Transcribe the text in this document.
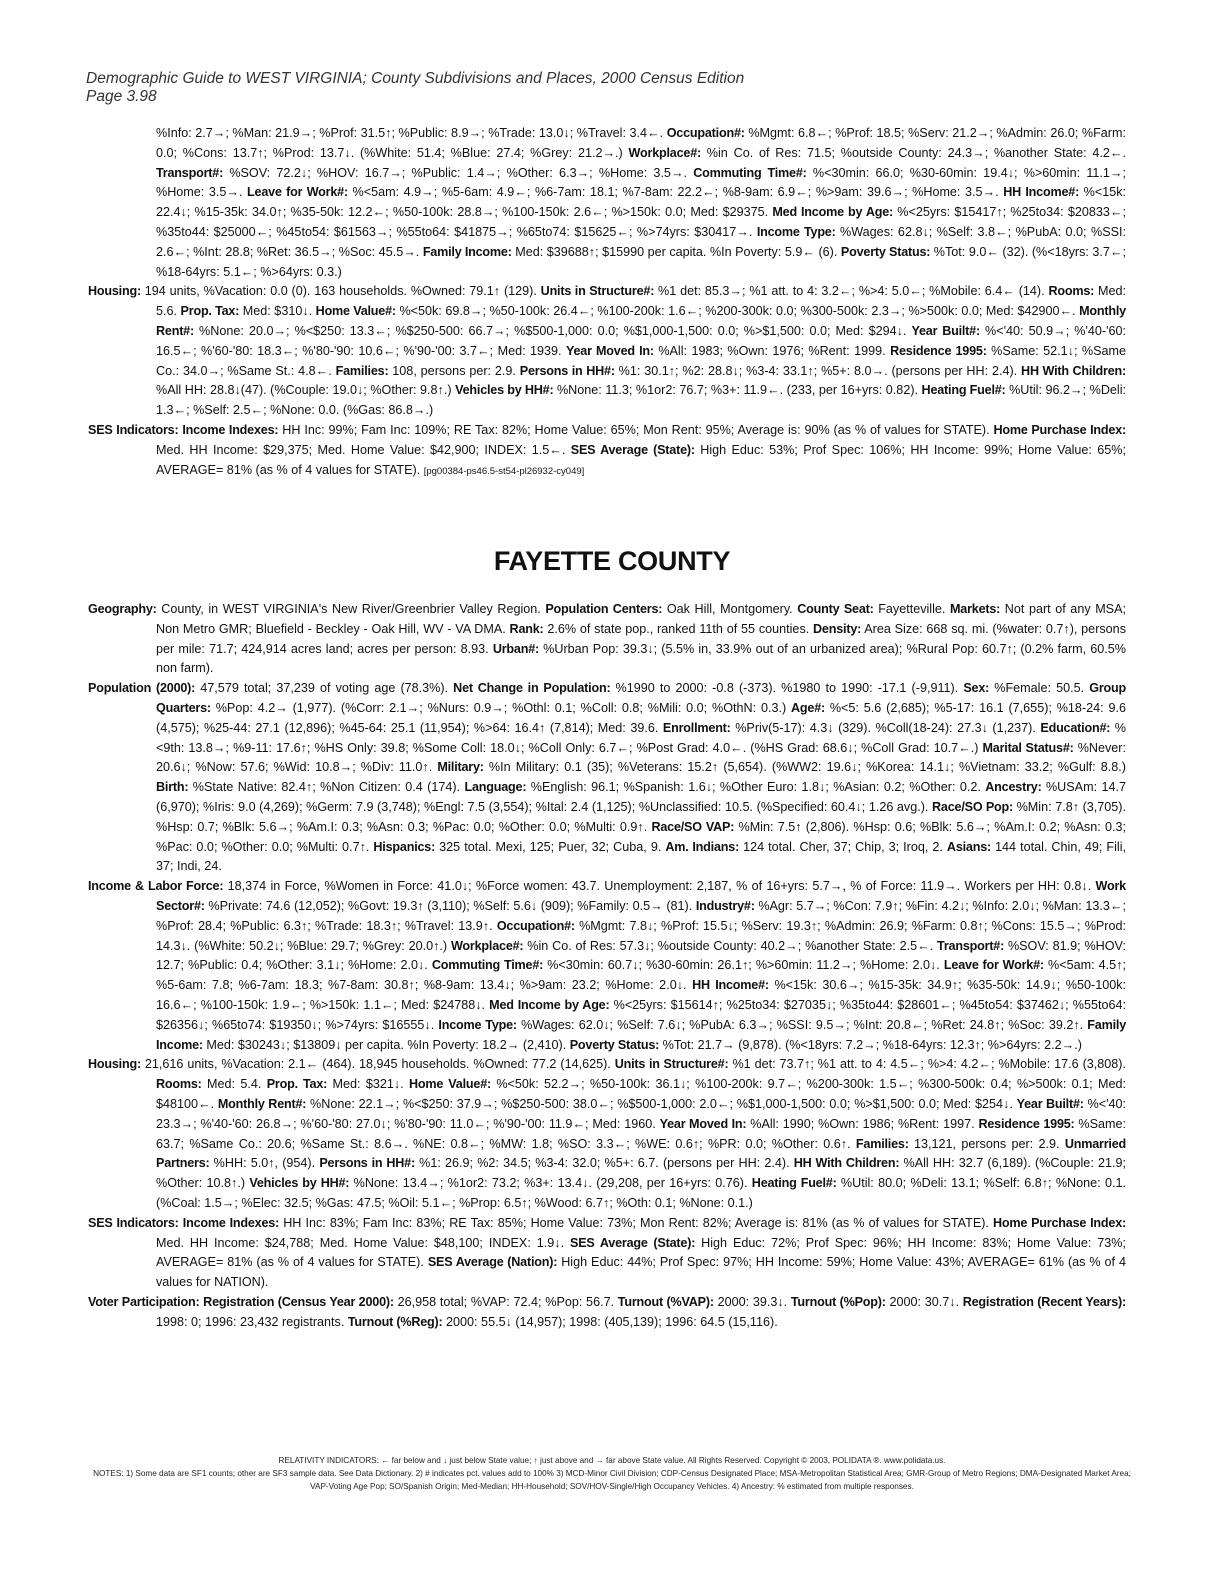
Demographic Guide to WEST VIRGINIA; County Subdivisions and Places, 2000 Census Edition
Page 3.98

%Info: 2.7→; %Man: 21.9→; %Prof: 31.5↑; %Public: 8.9→; %Trade: 13.0↓; %Travel: 3.4←. Occupation#: %Mgmt: 6.8←; %Prof: 18.5; %Serv: 21.2→; %Admin: 26.0; %Farm: 0.0; %Cons: 13.7↑; %Prod: 13.7↓. (%White: 51.4; %Blue: 27.4; %Grey: 21.2→.) Workplace#: %in Co. of Res: 71.5; %outside County: 24.3→; %another State: 4.2←. Transport#: %SOV: 72.2↓; %HOV: 16.7→; %Public: 1.4→; %Other: 6.3→; %Home: 3.5→. Commuting Time#: %<30min: 66.0; %30-60min: 19.4↓; %>60min: 11.1→; %Home: 3.5→. Leave for Work#: %<5am: 4.9→; %5-6am: 4.9←; %6-7am: 18.1; %7-8am: 22.2←; %8-9am: 6.9←; %>9am: 39.6→; %Home: 3.5→. HH Income#: %<15k: 22.4↓; %15-35k: 34.0↑; %35-50k: 12.2←; %50-100k: 28.8→; %100-150k: 2.6←; %>150k: 0.0; Med: $29375. Med Income by Age: %<25yrs: $15417↑; %25to34: $20833←; %35to44: $25000←; %45to54: $61563→; %55to64: $41875→; %65to74: $15625←; %>74yrs: $30417→. Income Type: %Wages: 62.8↓; %Self: 3.8←; %PubA: 0.0; %SSI: 2.6←; %Int: 28.8; %Ret: 36.5→; %Soc: 45.5→. Family Income: Med: $39688↑; $15990 per capita. %In Poverty: 5.9← (6). Poverty Status: %Tot: 9.0← (32). (%<18yrs: 3.7←; %18-64yrs: 5.1←; %>64yrs: 0.3.)

Housing: 194 units, %Vacation: 0.0 (0). 163 households. %Owned: 79.1↑ (129). Units in Structure#: %1 det: 85.3→; %1 att. to 4: 3.2←; %>4: 5.0←; %Mobile: 6.4← (14). Rooms: Med: 5.6. Prop. Tax: Med: $310↓. Home Value#: %<50k: 69.8→; %50-100k: 26.4←; %100-200k: 1.6←; %200-300k: 0.0; %300-500k: 2.3→; %>500k: 0.0; Med: $42900←. Monthly Rent#: %None: 20.0→; %<$250: 13.3←; %$250-500: 66.7→; %$500-1,000: 0.0; %$1,000-1,500: 0.0; %>$1,500: 0.0; Med: $294↓. Year Built#: %<'40: 50.9→; %'40-'60: 16.5←; %'60-'80: 18.3←; %'80-'90: 10.6←; %'90-'00: 3.7←; Med: 1939. Year Moved In: %All: 1983; %Own: 1976; %Rent: 1999. Residence 1995: %Same: 52.1↓; %Same Co.: 34.0→; %Same St.: 4.8←. Families: 108, persons per: 2.9. Persons in HH#: %1: 30.1↑; %2: 28.8↓; %3-4: 33.1↑; %5+: 8.0→. (persons per HH: 2.4). HH With Children: %All HH: 28.8↓(47). (%Couple: 19.0↓; %Other: 9.8↑.) Vehicles by HH#: %None: 11.3; %1or2: 76.7; %3+: 11.9←. (233, per 16+yrs: 0.82). Heating Fuel#: %Util: 96.2→; %Deli: 1.3←; %Self: 2.5←; %None: 0.0. (%Gas: 86.8→.)

SES Indicators: Income Indexes: HH Inc: 99%; Fam Inc: 109%; RE Tax: 82%; Home Value: 65%; Mon Rent: 95%; Average is: 90% (as % of values for STATE). Home Purchase Index: Med. HH Income: $29,375; Med. Home Value: $42,900; INDEX: 1.5←. SES Average (State): High Educ: 53%; Prof Spec: 106%; HH Income: 99%; Home Value: 65%; AVERAGE= 81% (as % of 4 values for STATE). [pg00384-ps46.5-st54-pl26932-cy049]

FAYETTE COUNTY

Geography: County, in WEST VIRGINIA's New River/Greenbrier Valley Region. Population Centers: Oak Hill, Montgomery. County Seat: Fayetteville. Markets: Not part of any MSA; Non Metro GMR; Bluefield - Beckley - Oak Hill, WV - VA DMA. Rank: 2.6% of state pop., ranked 11th of 55 counties. Density: Area Size: 668 sq. mi. (%water: 0.7↑), persons per mile: 71.7; 424,914 acres land; acres per person: 8.93. Urban#: %Urban Pop: 39.3↓; (5.5% in, 33.9% out of an urbanized area); %Rural Pop: 60.7↑; (0.2% farm, 60.5% non farm).

Population (2000): 47,579 total; 37,239 of voting age (78.3%). Net Change in Population: %1990 to 2000: -0.8 (-373). %1980 to 1990: -17.1 (-9,911). Sex: %Female: 50.5. Group Quarters: %Pop: 4.2→ (1,977). (%Corr: 2.1→; %Nurs: 0.9→; %Othl: 0.1; %Coll: 0.8; %Mili: 0.0; %OthN: 0.3.) Age#: %<5: 5.6 (2,685); %5-17: 16.1 (7,655); %18-24: 9.6 (4,575); %25-44: 27.1 (12,896); %45-64: 25.1 (11,954); %>64: 16.4↑ (7,814); Med: 39.6. Enrollment: %Priv(5-17): 4.3↓ (329). %Coll(18-24): 27.3↓ (1,237). Education#: %<9th: 13.8→; %9-11: 17.6↑; %HS Only: 39.8; %Some Coll: 18.0↓; %Coll Only: 6.7←; %Post Grad: 4.0←. (%HS Grad: 68.6↓; %Coll Grad: 10.7←.) Marital Status#: %Never: 20.6↓; %Now: 57.6; %Wid: 10.8→; %Div: 11.0↑. Military: %In Military: 0.1 (35); %Veterans: 15.2↑ (5,654). (%WW2: 19.6↓; %Korea: 14.1↓; %Vietnam: 33.2; %Gulf: 8.8.) Birth: %State Native: 82.4↑; %Non Citizen: 0.4 (174). Language: %English: 96.1; %Spanish: 1.6↓; %Other Euro: 1.8↓; %Asian: 0.2; %Other: 0.2. Ancestry: %USAm: 14.7 (6,970); %Iris: 9.0 (4,269); %Germ: 7.9 (3,748); %Engl: 7.5 (3,554); %Ital: 2.4 (1,125); %Unclassified: 10.5. (%Specified: 60.4↓; 1.26 avg.). Race/SO Pop: %Min: 7.8↑ (3,705). %Hsp: 0.7; %Blk: 5.6→; %Am.I: 0.3; %Asn: 0.3; %Pac: 0.0; %Other: 0.0; %Multi: 0.9↑. Race/SO VAP: %Min: 7.5↑ (2,806). %Hsp: 0.6; %Blk: 5.6→; %Am.I: 0.2; %Asn: 0.3; %Pac: 0.0; %Other: 0.0; %Multi: 0.7↑. Hispanics: 325 total. Mexi, 125; Puer, 32; Cuba, 9. Am. Indians: 124 total. Cher, 37; Chip, 3; Iroq, 2. Asians: 144 total. Chin, 49; Fili, 37; Indi, 24.

Income & Labor Force: 18,374 in Force, %Women in Force: 41.0↓; %Force women: 43.7. Unemployment: 2,187, % of 16+yrs: 5.7→, % of Force: 11.9→. Workers per HH: 0.8↓. Work Sector#: %Private: 74.6 (12,052); %Govt: 19.3↑ (3,110); %Self: 5.6↓ (909); %Family: 0.5→ (81). Industry#: %Agr: 5.7→; %Con: 7.9↑; %Fin: 4.2↓; %Info: 2.0↓; %Man: 13.3←; %Prof: 28.4; %Public: 6.3↑; %Trade: 18.3↑; %Travel: 13.9↑. Occupation#: %Mgmt: 7.8↓; %Prof: 15.5↓; %Serv: 19.3↑; %Admin: 26.9; %Farm: 0.8↑; %Cons: 15.5→; %Prod: 14.3↓. (%White: 50.2↓; %Blue: 29.7; %Grey: 20.0↑.) Workplace#: %in Co. of Res: 57.3↓; %outside County: 40.2→; %another State: 2.5←. Transport#: %SOV: 81.9; %HOV: 12.7; %Public: 0.4; %Other: 3.1↓; %Home: 2.0↓. Commuting Time#: %<30min: 60.7↓; %30-60min: 26.1↑; %>60min: 11.2→; %Home: 2.0↓. Leave for Work#: %<5am: 4.5↑; %5-6am: 7.8; %6-7am: 18.3; %7-8am: 30.8↑; %8-9am: 13.4↓; %>9am: 23.2; %Home: 2.0↓. HH Income#: %<15k: 30.6→; %15-35k: 34.9↑; %35-50k: 14.9↓; %50-100k: 16.6←; %100-150k: 1.9←; %>150k: 1.1←; Med: $24788↓. Med Income by Age: %<25yrs: $15614↑; %25to34: $27035↓; %35to44: $28601←; %45to54: $37462↓; %55to64: $26356↓; %65to74: $19350↓; %>74yrs: $16555↓. Income Type: %Wages: 62.0↓; %Self: 7.6↓; %PubA: 6.3→; %SSI: 9.5→; %Int: 20.8←; %Ret: 24.8↑; %Soc: 39.2↑. Family Income: Med: $30243↓; $13809↓ per capita. %In Poverty: 18.2→ (2,410). Poverty Status: %Tot: 21.7→ (9,878). (%<18yrs: 7.2→; %18-64yrs: 12.3↑; %>64yrs: 2.2→.)

Housing: 21,616 units, %Vacation: 2.1← (464). 18,945 households. %Owned: 77.2 (14,625). Units in Structure#: %1 det: 73.7↑; %1 att. to 4: 4.5←; %>4: 4.2←; %Mobile: 17.6 (3,808). Rooms: Med: 5.4. Prop. Tax: Med: $321↓. Home Value#: %<50k: 52.2→; %50-100k: 36.1↓; %100-200k: 9.7←; %200-300k: 1.5←; %300-500k: 0.4; %>500k: 0.1; Med: $48100←. Monthly Rent#: %None: 22.1→; %<$250: 37.9→; %$250-500: 38.0←; %$500-1,000: 2.0←; %$1,000-1,500: 0.0; %>$1,500: 0.0; Med: $254↓. Year Built#: %<'40: 23.3→; %'40-'60: 26.8→; %'60-'80: 27.0↓; %'80-'90: 11.0←; %'90-'00: 11.9←; Med: 1960. Year Moved In: %All: 1990; %Own: 1986; %Rent: 1997. Residence 1995: %Same: 63.7; %Same Co.: 20.6; %Same St.: 8.6→. %NE: 0.8←; %MW: 1.8; %SO: 3.3←; %WE: 0.6↑; %PR: 0.0; %Other: 0.6↑. Families: 13,121, persons per: 2.9. Unmarried Partners: %HH: 5.0↑, (954). Persons in HH#: %1: 26.9; %2: 34.5; %3-4: 32.0; %5+: 6.7. (persons per HH: 2.4). HH With Children: %All HH: 32.7 (6,189). (%Couple: 21.9; %Other: 10.8↑.) Vehicles by HH#: %None: 13.4→; %1or2: 73.2; %3+: 13.4↓. (29,208, per 16+yrs: 0.76). Heating Fuel#: %Util: 80.0; %Deli: 13.1; %Self: 6.8↑; %None: 0.1. (%Coal: 1.5→; %Elec: 32.5; %Gas: 47.5; %Oil: 5.1←; %Prop: 6.5↑; %Wood: 6.7↑; %Oth: 0.1; %None: 0.1.)

SES Indicators: Income Indexes: HH Inc: 83%; Fam Inc: 83%; RE Tax: 85%; Home Value: 73%; Mon Rent: 82%; Average is: 81% (as % of values for STATE). Home Purchase Index: Med. HH Income: $24,788; Med. Home Value: $48,100; INDEX: 1.9↓. SES Average (State): High Educ: 72%; Prof Spec: 96%; HH Income: 83%; Home Value: 73%; AVERAGE= 81% (as % of 4 values for STATE). SES Average (Nation): High Educ: 44%; Prof Spec: 97%; HH Income: 59%; Home Value: 43%; AVERAGE= 61% (as % of 4 values for NATION).

Voter Participation: Registration (Census Year 2000): 26,958 total; %VAP: 72.4; %Pop: 56.7. Turnout (%VAP): 2000: 39.3↓. Turnout (%Pop): 2000: 30.7↓. Registration (Recent Years): 1998: 0; 1996: 23,432 registrants. Turnout (%Reg): 2000: 55.5↓ (14,957); 1998: (405,139); 1996: 64.5 (15,116).

RELATIVITY INDICATORS: ← far below and ↓ just below State value; ↑ just above and → far above State value. All Rights Reserved. Copyright © 2003, POLIDATA ®. www.polidata.us.
NOTES: 1) Some data are SF1 counts; other are SF3 sample data. See Data Dictionary. 2) # indicates pct. values add to 100% 3) MCD-Minor Civil Division; CDP-Census Designated Place; MSA-Metropolitan Statistical Area; GMR-Group of Metro Regions; DMA-Designated Market Area; VAP-Voting Age Pop; SO/Spanish Origin; Med-Median; HH-Household; SOV/HOV-Single/High Occupancy Vehicles. 4) Ancestry: % estimated from multiple responses.
